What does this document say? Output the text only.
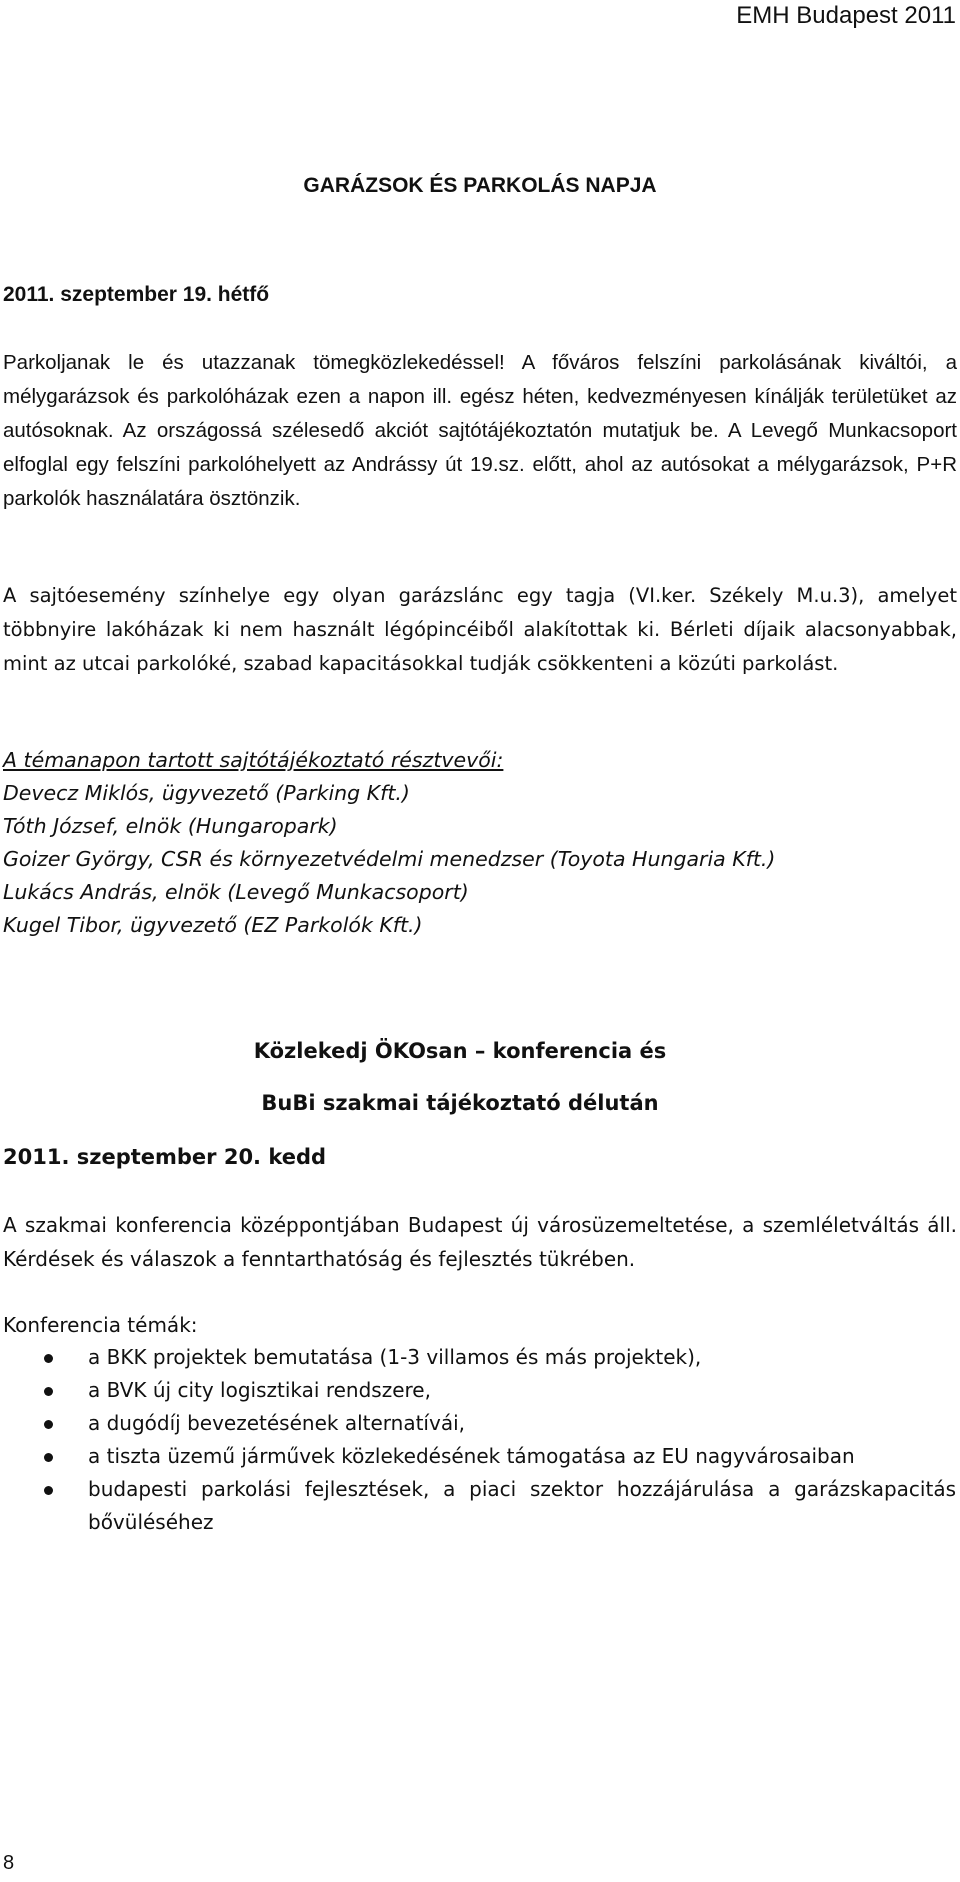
EMH Budapest 2011
GARÁZSOK ÉS PARKOLÁS NAPJA
2011. szeptember 19. hétfő
Parkoljanak le és utazzanak tömegközlekedéssel! A főváros felszíni parkolásának kiváltói, a mélygarázsok és parkolóházak ezen a napon ill. egész héten, kedvezményesen kínálják területüket az autósoknak. Az országossá szélesedő akciót sajtótájékoztatón mutatjuk be. A Levegő Munkacsoport elfoglal egy felszíni parkolóhelyett az Andrássy út 19.sz. előtt, ahol az autósokat a mélygarázsok, P+R parkolók használatára ösztönzik.
A sajtóesemény színhelye egy olyan garázslánc egy tagja (VI.ker. Székely M.u.3), amelyet többnyire lakóházak ki nem használt légópincéiből alakítottak ki. Bérleti díjaik alacsonyabbak, mint az utcai parkolóké, szabad kapacitásokkal tudják csökkenteni a közúti parkolást.
A témanapon tartott sajtótájékoztató résztvevői:
Devecz Miklós, ügyvezető (Parking Kft.)
Tóth József, elnök (Hungaropark)
Goizer György, CSR és környezetvédelmi menedzser (Toyota Hungaria Kft.)
Lukács András, elnök (Levegő Munkacsoport)
Kugel Tibor, ügyvezető (EZ Parkolók Kft.)
Közlekedj ÖKOsan – konferencia és
BuBi szakmai tájékoztató délután
2011. szeptember 20. kedd
A szakmai konferencia középpontjában Budapest új városüzemeltetése, a szemléletváltás áll. Kérdések és válaszok a fenntarthatóság és fejlesztés tükrében.
Konferencia témák:
a BKK projektek bemutatása (1-3 villamos és más projektek),
a BVK új city logisztikai rendszere,
a dugódíj bevezetésének alternatívái,
a tiszta üzemű járművek közlekedésének támogatása az EU nagyvárosaiban
budapesti parkolási fejlesztések, a piaci szektor hozzájárulása a garázskapacitás bővüléséhez
8
